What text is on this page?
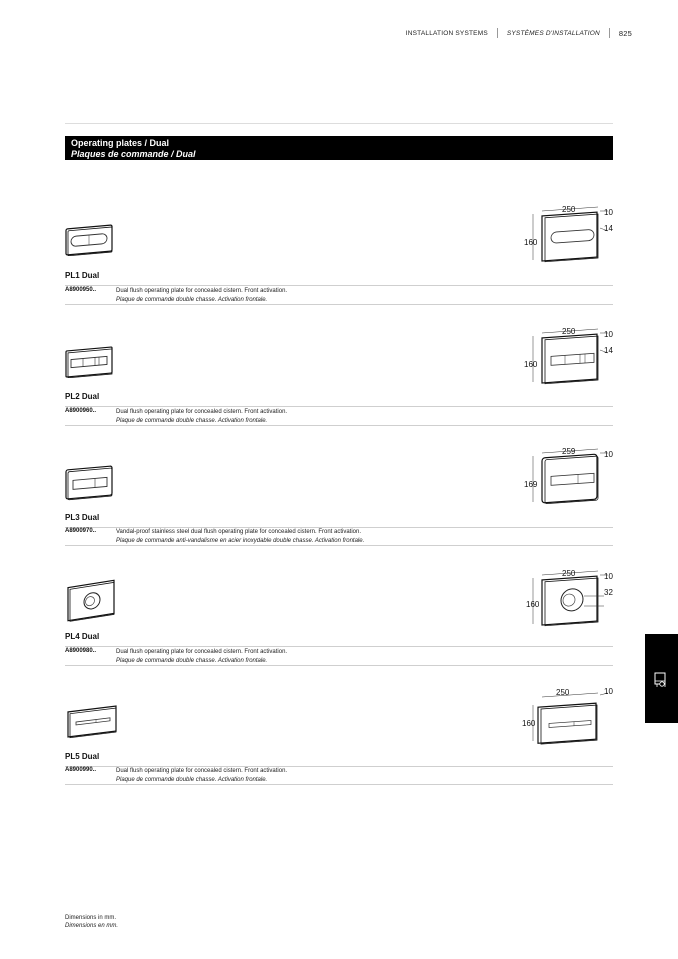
INSTALLATION SYSTEMS	SYSTÈMES D'INSTALLATION	825
Operating plates / Dual
Plaques de commande / Dual
250
160
10
14
PL1 Dual
A8900950..	Dual flush operating plate for concealed cistern. Front activation.
Plaque de commande double chasse. Activation frontale.
250
160
10
14
PL2 Dual
A8900960..	Dual flush operating plate for concealed cistern. Front activation.
Plaque de commande double chasse. Activation frontale.
259
169
10
PL3 Dual
A8900970..	Vandal-proof stainless steel dual flush operating plate for concealed cistern. Front activation.
Plaque de commande anti-vandalisme en acier inoxydable double chasse. Activation frontale.
250
160
10
32
PL4 Dual
A8900980..	Dual flush operating plate for concealed cistern. Front activation.
Plaque de commande double chasse. Activation frontale.
250
160
10
PL5 Dual
A8900990..	Dual flush operating plate for concealed cistern. Front activation.
Plaque de commande double chasse. Activation frontale.
Dimensions in mm.
Dimensions en mm.
